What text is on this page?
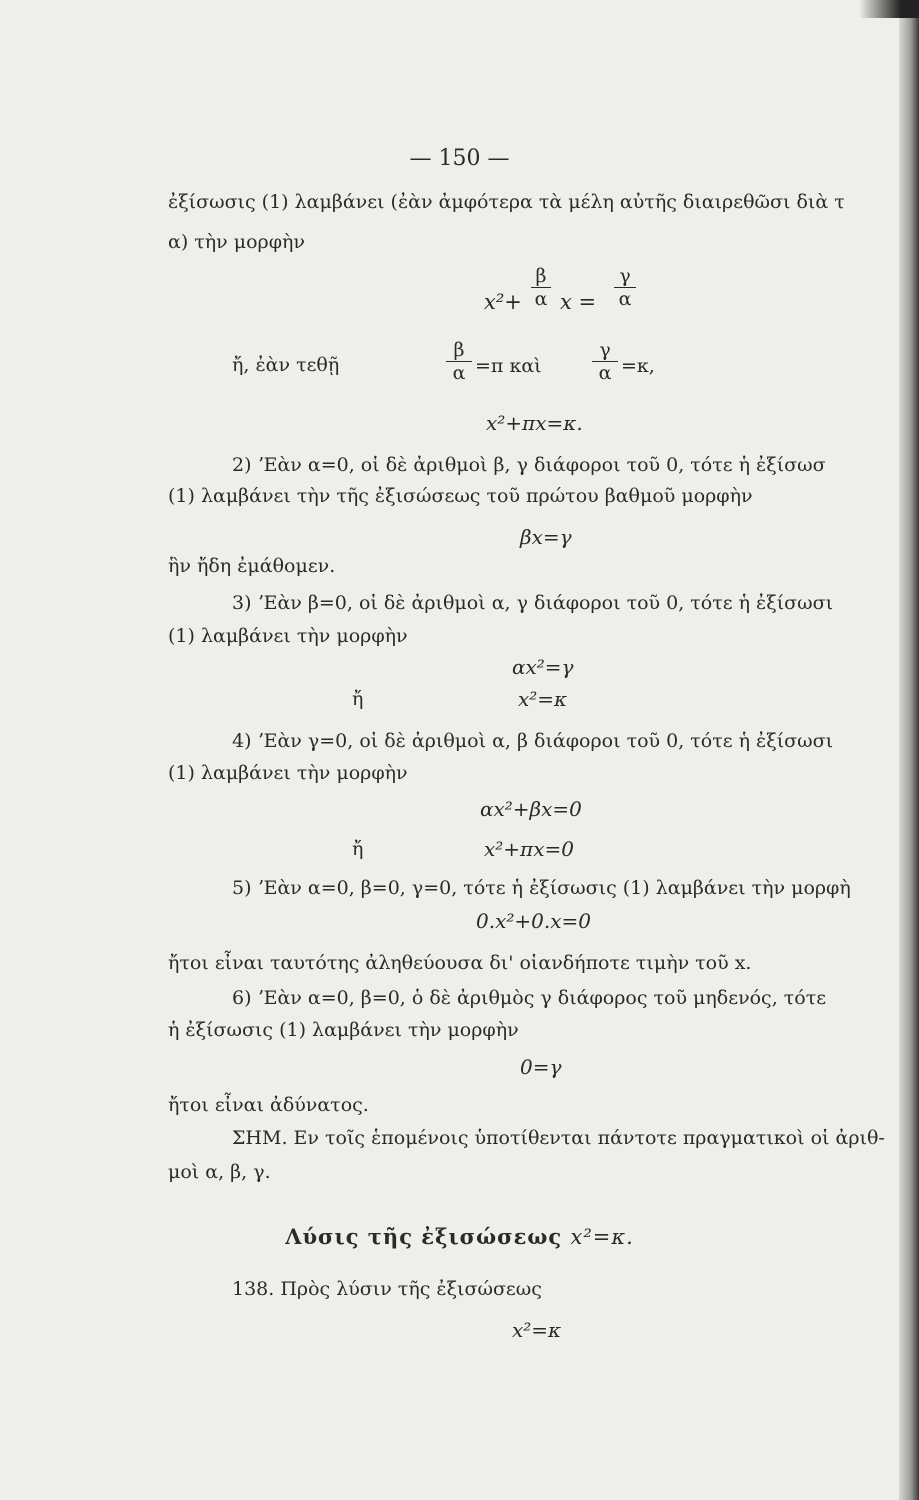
— 150 —
ἐξίσωσις (1) λαμβάνει (ἐὰν ἀμφότερα τὰ μέλη αὐτῆς διαιρεθῶσι διὰ τ
α) τὴν μορφὴν
x²+
β
α x =
γ
α
ἤ, ἐὰν τεθῇ
β
α =π καὶ
γ
α =κ,
x²+πx=κ.
2) ʼΕὰν α=0, οἱ δὲ ἀριθμοὶ β, γ διάφοροι τοῦ 0, τότε ἡ ἐξίσωσ
(1) λαμβάνει τὴν τῆς ἐξισώσεως τοῦ πρώτου βαθμοῦ μορφὴν
βx=γ
ἣν ἤδη ἐμάθομεν.
3) ʼΕὰν β=0, οἱ δὲ ἀριθμοὶ α, γ διάφοροι τοῦ 0, τότε ἡ ἐξίσωσι
(1) λαμβάνει τὴν μορφὴν
αx²=γ
ἤ	x²=κ
4) ʼΕὰν γ=0, οἱ δὲ ἀριθμοὶ α, β διάφοροι τοῦ 0, τότε ἡ ἐξίσωσι
(1) λαμβάνει τὴν μορφὴν
αx²+βx=0
ἤ	x²+πx=0
5) ʼΕὰν α=0, β=0, γ=0, τότε ἡ ἐξίσωσις (1) λαμβάνει τὴν μορφὴ
0.x²+0.x=0
ἤτοι εἶναι ταυτότης ἀληθεύουσα δι' οἱανδήποτε τιμὴν τοῦ x.
6) ʼΕὰν α=0, β=0, ὁ δὲ ἀριθμὸς γ διάφορος τοῦ μηδενός, τότε
ἡ ἐξίσωσις (1) λαμβάνει τὴν μορφὴν
0=γ
ἤτοι εἶναι ἀδύνατος.
ΣΗΜ. Εν τοῖς ἑπομένοις ὑποτίθενται πάντοτε πραγματικοὶ οἱ ἀριθ-
μοὶ α, β, γ.
Λύσις τῆς ἐξισώσεως x²=κ.
138. Πρὸς λύσιν τῆς ἐξισώσεως
x²=κ
